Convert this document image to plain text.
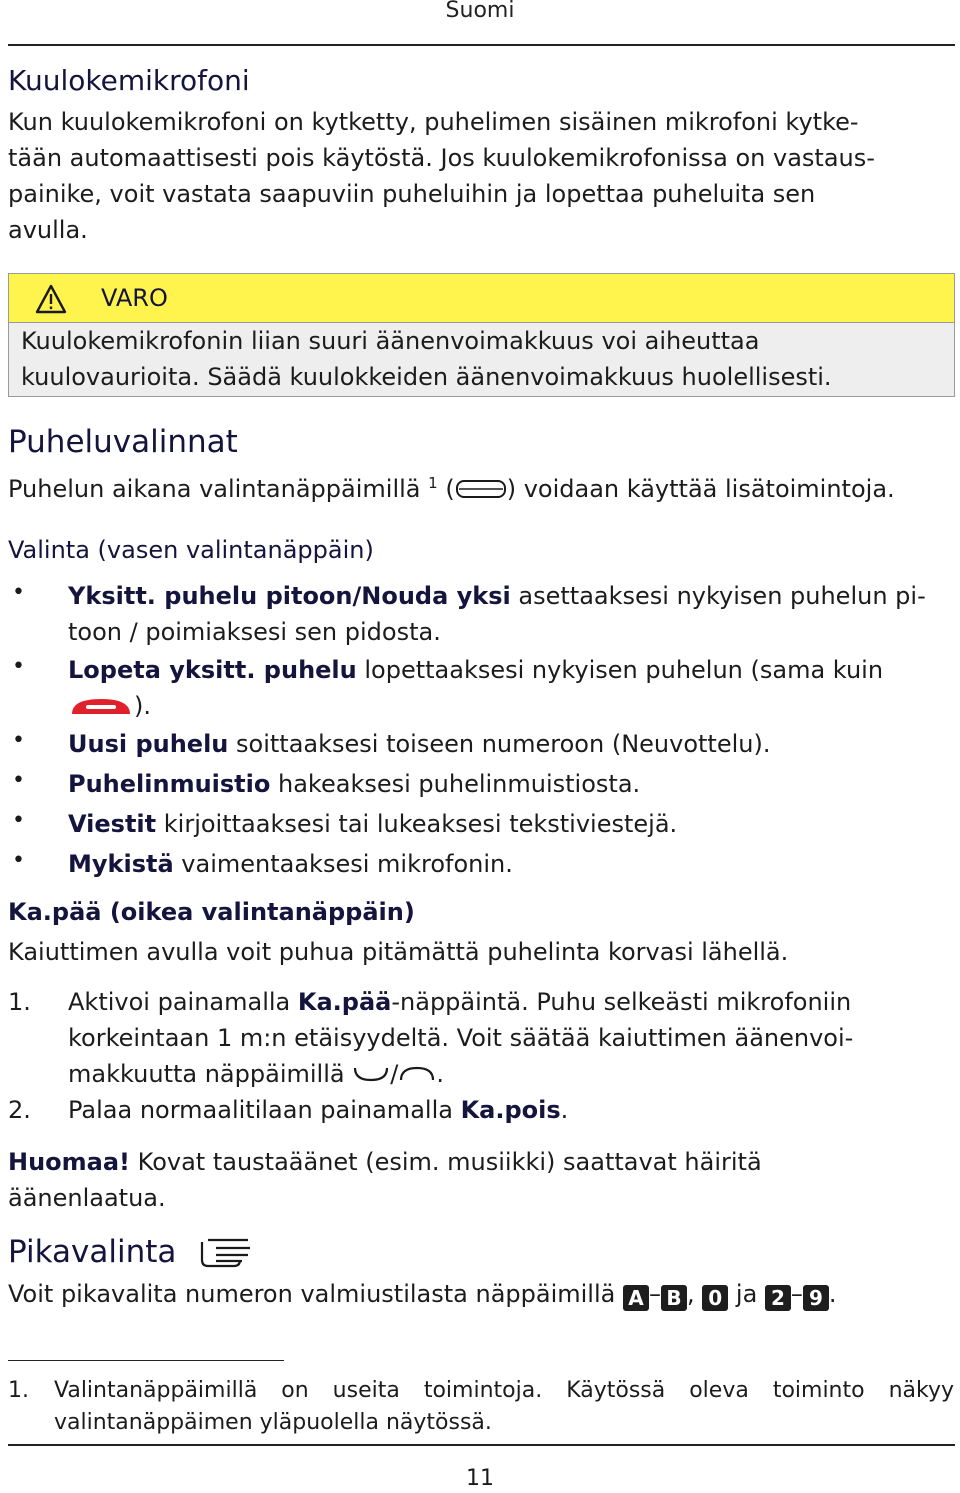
Suomi
Kuulokemikrofoni
Kun kuulokemikrofoni on kytketty, puhelimen sisäinen mikrofoni kytke-
tään automaattisesti pois käytöstä. Jos kuulokemikrofonissa on vastaus-
painike, voit vastata saapuviin puheluihin ja lopettaa puheluita sen
avulla.
VARO
Kuulokemikrofonin liian suuri äänenvoimakkuus voi aiheuttaa
kuulovaurioita. Säädä kuulokkeiden äänenvoimakkuus huolellisesti.
Puheluvalinnat
Puhelun aikana valintanäppäimillä $^1$ ( ) voidaan käyttää lisätoimintoja.
Valinta (vasen valintanäppäin)
• Yksitt. puhelu pitoon/Nouda yksi asettaaksesi nykyisen puhelun pi-
toon / poimiaksesi sen pidosta.
• Lopeta yksitt. puhelu lopettaaksesi nykyisen puhelun (sama kuin
).
• Uusi puhelu soittaaksesi toiseen numeroon (Neuvottelu).
• Puhelinmuistio hakeaksesi puhelinmuistiosta.
• Viestit kirjoittaaksesi tai lukeaksesi tekstiviestejä.
• Mykistä vaimentaaksesi mikrofonin.
Ka.pää (oikea valintanäppäin)
Kaiuttimen avulla voit puhua pitämättä puhelinta korvasi lähellä.
1. Aktivoi painamalla Ka.pää-näppäintä. Puhu selkeästi mikrofoniin
korkeintaan 1 m:n etäisyydeltä. Voit säätää kaiuttimen äänenvoi-
makkuutta näppäimillä / .
2. Palaa normaalitilaan painamalla Ka.pois.
Huomaa! Kovat taustaäänet (esim. musiikki) saattavat häiritä
äänenlaatua.
Pikavalinta
Voit pikavalita numeron valmiustilasta näppäimillä A – B , 0 ja 2 – 9 .
1. Valintanäppäimillä on useita toimintoja. Käytössä oleva toiminto näkyy
valintanäppäimen yläpuolella näytössä.
11
